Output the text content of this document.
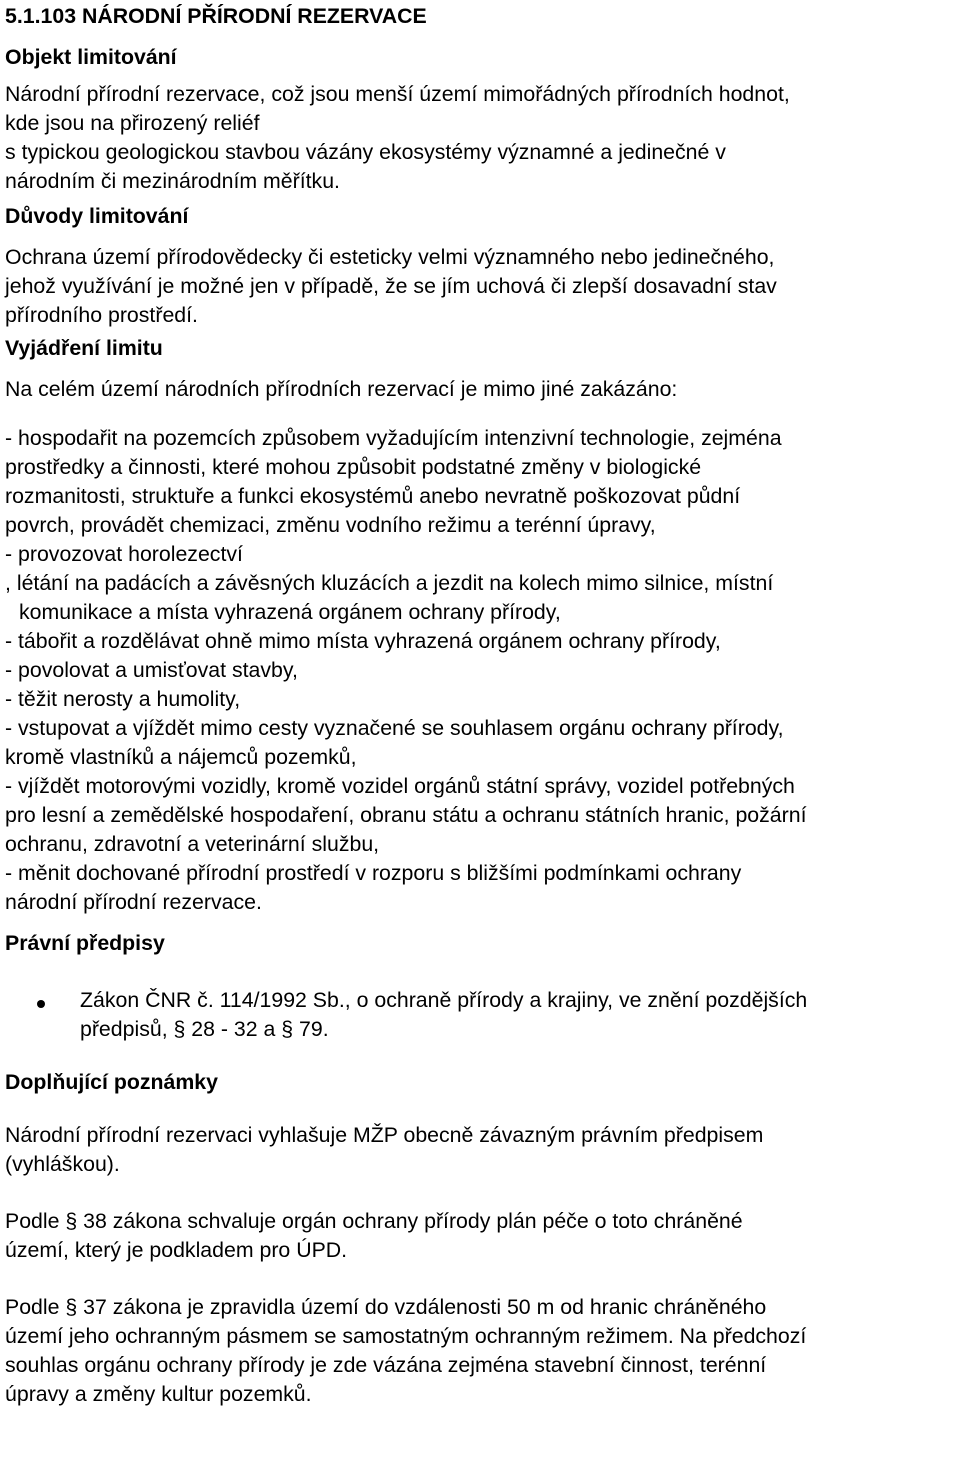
5.1.103 NÁRODNÍ PŘÍRODNÍ REZERVACE
Objekt limitování
Národní přírodní rezervace, což jsou menší území mimořádných přírodních hodnot,
kde jsou na přirozený reliéf
s typickou geologickou stavbou vázány ekosystémy významné a jedinečné v
národním či mezinárodním měřítku.
Důvody limitování
Ochrana území přírodovědecky či esteticky velmi významného nebo jedinečného,
jehož využívání je možné jen v případě, že se jím uchová či zlepší dosavadní stav
přírodního prostředí.
Vyjádření limitu
Na celém území národních přírodních rezervací je mimo jiné zakázáno:
- hospodařit na pozemcích způsobem vyžadujícím intenzivní technologie, zejména
prostředky a činnosti, které mohou způsobit podstatné změny v biologické
rozmanitosti, struktuře a funkci ekosystémů anebo nevratně poškozovat půdní
povrch, provádět chemizaci, změnu vodního režimu a terénní úpravy,
- provozovat horolezectví
, létání na padácích a závěsných kluzácích a jezdit na kolech mimo silnice, místní
komunikace a místa vyhrazená orgánem ochrany přírody,
- tábořit a rozdělávat ohně mimo místa vyhrazená orgánem ochrany přírody,
- povolovat a umisťovat stavby,
- těžit nerosty a humolity,
- vstupovat a vjíždět mimo cesty vyznačené se souhlasem orgánu ochrany přírody,
kromě vlastníků a nájemců pozemků,
- vjíždět motorovými vozidly, kromě vozidel orgánů státní správy, vozidel potřebných
pro lesní a zemědělské hospodaření, obranu státu a ochranu státních hranic, požární
ochranu, zdravotní a veterinární službu,
- měnit dochované přírodní prostředí v rozporu s bližšími podmínkami ochrany
národní přírodní rezervace.
Právní předpisy
Zákon ČNR č. 114/1992 Sb., o ochraně přírody a krajiny, ve znění pozdějších
předpisů, § 28 - 32 a § 79.
Doplňující poznámky
Národní přírodní rezervaci vyhlašuje MŽP obecně závazným právním předpisem
(vyhláškou).
Podle § 38 zákona schvaluje orgán ochrany přírody plán péče o toto chráněné
území, který je podkladem pro ÚPD.
Podle § 37 zákona je zpravidla území do vzdálenosti 50 m od hranic chráněného
území jeho ochranným pásmem se samostatným ochranným režimem. Na předchozí
souhlas orgánu ochrany přírody je zde vázána zejména stavební činnost, terénní
úpravy a změny kultur pozemků.
